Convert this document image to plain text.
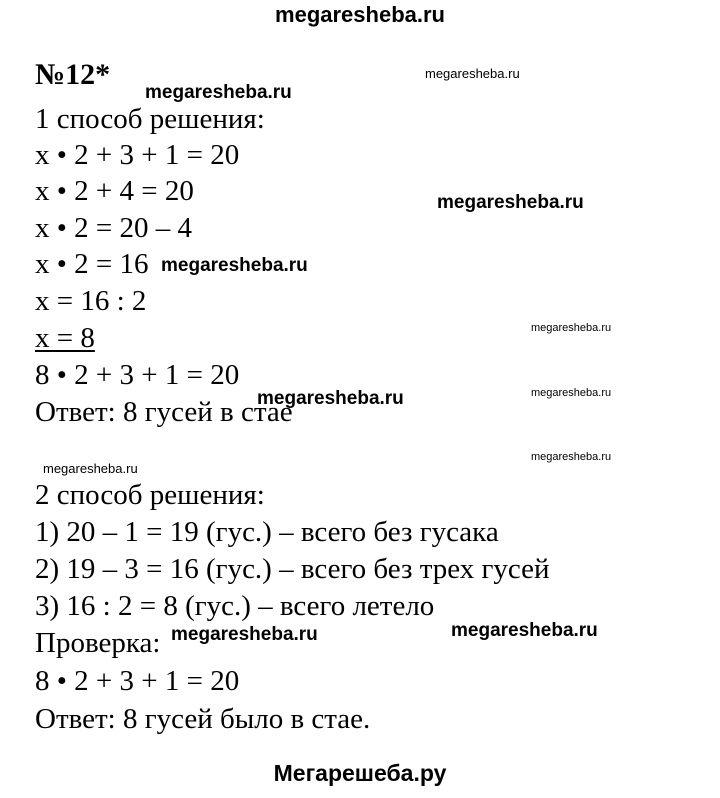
megaresheba.ru
№12*
1 способ решения:
x • 2 + 3 + 1 = 20
x • 2 + 4 = 20
x • 2 = 20 – 4
x • 2 = 16
x = 16 : 2
x = 8
8 • 2 + 3 + 1 = 20
Ответ: 8 гусей в стае
2 способ решения:
1) 20 – 1 = 19 (гус.) – всего без гусака
2) 19 – 3 = 16 (гус.) – всего без трех гусей
3) 16 : 2 = 8 (гус.) – всего летело
Проверка:
8 • 2 + 3 + 1 = 20
Ответ: 8 гусей было в стае.
megaresheba.ru
megaresheba.ru
megaresheba.ru
megaresheba.ru
megaresheba.ru
megaresheba.ru	megaresheba.ru
megaresheba.ru
megaresheba.ru
megaresheba.ru	megaresheba.ru
Мегарешеба.ру
